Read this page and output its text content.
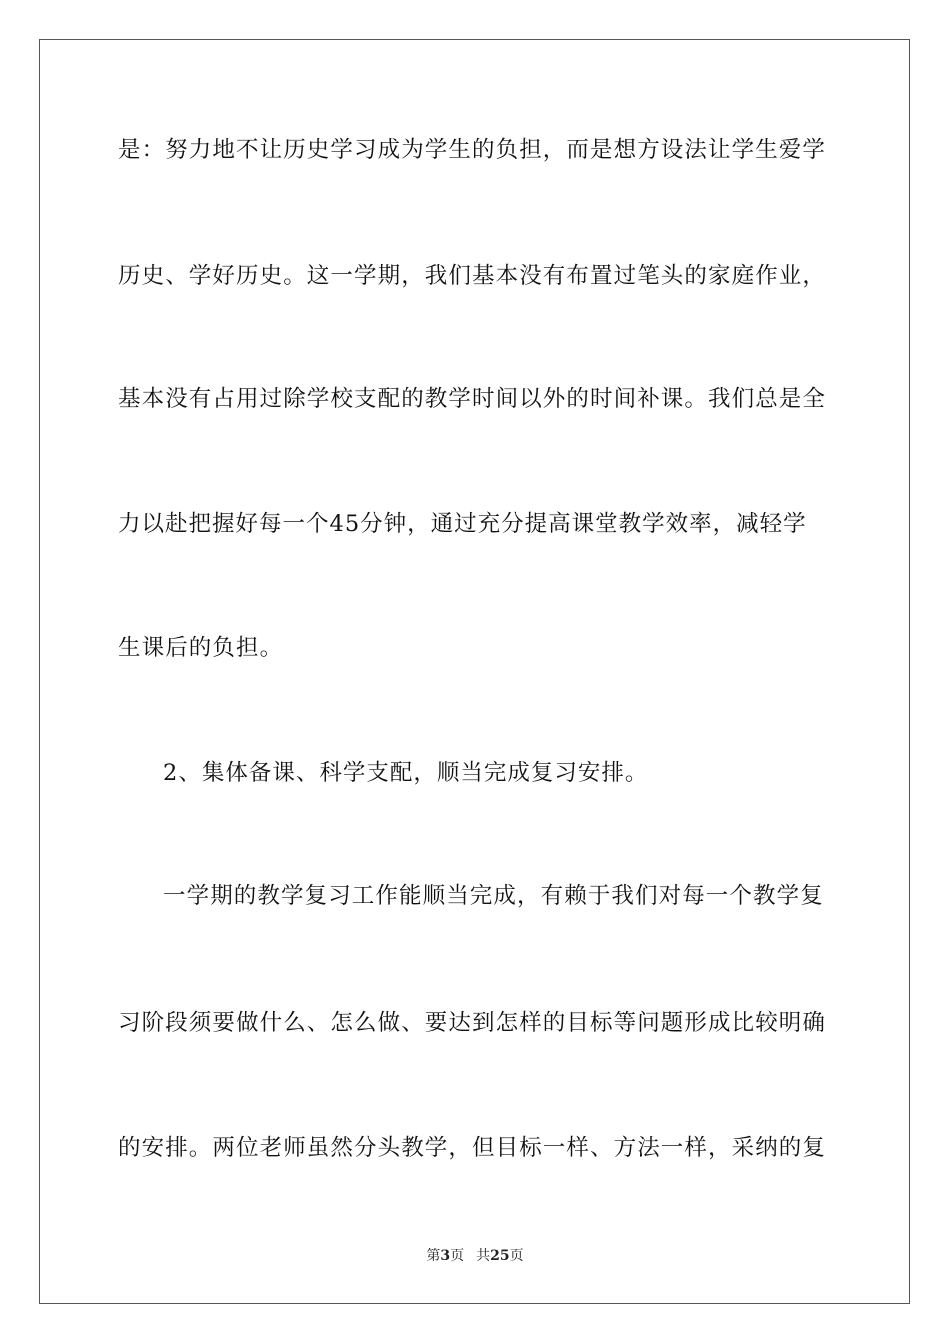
是：努力地不让历史学习成为学生的负担，而是想方设法让学生爱学
历史、学好历史。这一学期，我们基本没有布置过笔头的家庭作业，
基本没有占用过除学校支配的教学时间以外的时间补课。我们总是全
力以赴把握好每一个45分钟，通过充分提高课堂教学效率，减轻学
生课后的负担。
2、集体备课、科学支配，顺当完成复习安排。
一学期的教学复习工作能顺当完成，有赖于我们对每一个教学复
习阶段须要做什么、怎么做、要达到怎样的目标等问题形成比较明确
的安排。两位老师虽然分头教学，但目标一样、方法一样，采纳的复
第3页 共25页
